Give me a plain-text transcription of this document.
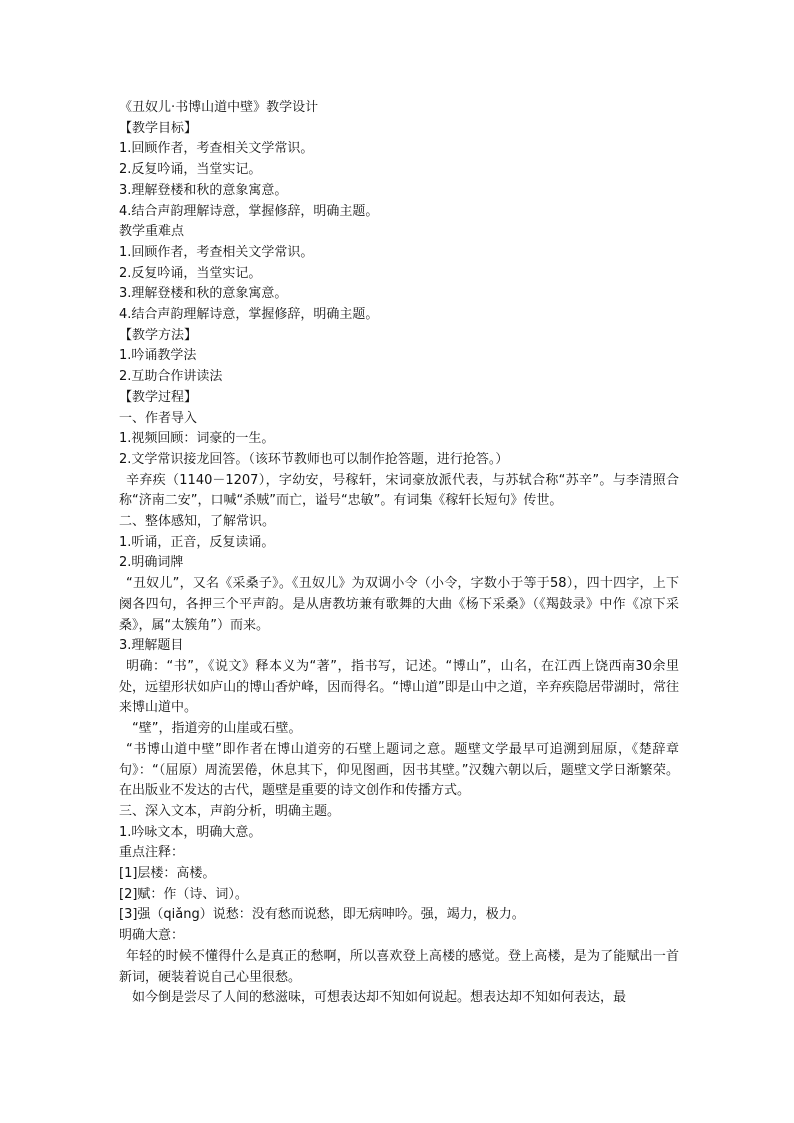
《丑奴儿·书博山道中壁》教学设计

【教学目标】

1.回顾作者，考查相关文学常识。

2.反复吟诵，当堂实记。

3.理解登楼和秋的意象寓意。

4.结合声韵理解诗意，掌握修辞，明确主题。

教学重难点

1.回顾作者，考查相关文学常识。

2.反复吟诵，当堂实记。

3.理解登楼和秋的意象寓意。

4.结合声韵理解诗意，掌握修辞，明确主题。

【教学方法】

1.吟诵教学法

2.互助合作讲读法

【教学过程】

一、作者导入

1.视频回顾：词豪的一生。

2.文学常识接龙回答。（该环节教师也可以制作抢答题，进行抢答。）

辛弃疾（1140－1207），字幼安，号稼轩，宋词豪放派代表，与苏轼合称“苏辛”。与李清照合称“济南二安”，口喊“杀贼”而亡，谥号“忠敏”。有词集《稼轩长短句》传世。

二、整体感知，了解常识。

1.听诵，正音，反复读诵。

2.明确词牌

“丑奴儿”，又名《采桑子》。《丑奴儿》为双调小令（小令，字数小于等于58），四十四字，上下阕各四句，各押三个平声韵。是从唐教坊兼有歌舞的大曲《杨下采桑》（《羯鼓录》中作《凉下采桑》，属“太簇角”）而来。

3.理解题目

明确：“书”，《说文》释本义为“著”，指书写，记述。“博山”，山名，在江西上饶西南30余里处，远望形状如庐山的博山香炉峰，因而得名。“博山道”即是山中之道，辛弃疾隐居带湖时，常往来博山道中。

“壁”，指道旁的山崖或石壁。

“书博山道中壁”即作者在博山道旁的石壁上题词之意。题壁文学最早可追溯到屈原，《楚辞章句》：“（屈原）周流罢倦，休息其下，仰见图画，因书其壁。”汉魏六朝以后，题壁文学日渐繁荣。在出版业不发达的古代，题壁是重要的诗文创作和传播方式。

三、深入文本，声韵分析，明确主题。

1.吟咏文本，明确大意。

重点注释：

[1]层楼：高楼。

[2]赋：作（诗、词）。

[3]强（qiǎng）说愁：没有愁而说愁，即无病呻吟。强，竭力，极力。

明确大意：

年轻的时候不懂得什么是真正的愁啊，所以喜欢登上高楼的感觉。登上高楼，是为了能赋出一首新词，硬装着说自己心里很愁。

如今倒是尝尽了人间的愁滋味，可想表达却不知如何说起。想表达却不知如何表达，最
